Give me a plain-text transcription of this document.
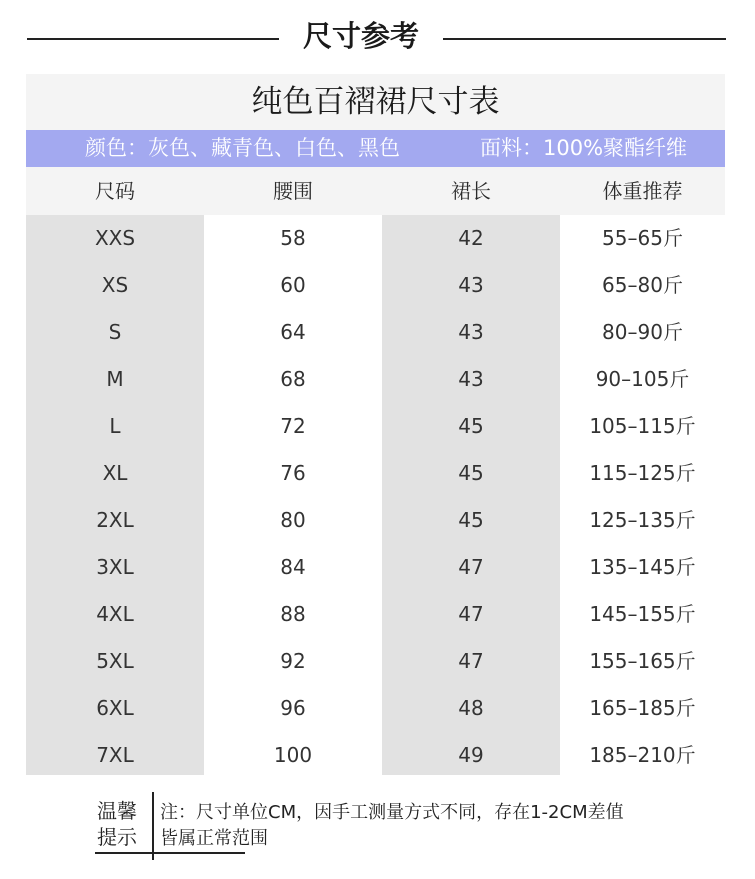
尺寸参考
纯色百褶裙尺寸表
颜色：灰色、藏青色、白色、黑色	面料：100%聚酯纤维
尺码	腰围	裙长	体重推荐
XXS	58	42	55–65斤
XS	60	43	65–80斤
S	64	43	80–90斤
M	68	43	90–105斤
L	72	45	105–115斤
XL	76	45	115–125斤
2XL	80	45	125–135斤
3XL	84	47	135–145斤
4XL	88	47	145–155斤
5XL	92	47	155–165斤
6XL	96	48	165–185斤
7XL	100	49	185–210斤
温馨
提示
注：尺寸单位CM，因手工测量方式不同，存在1-2CM差值
皆属正常范围
